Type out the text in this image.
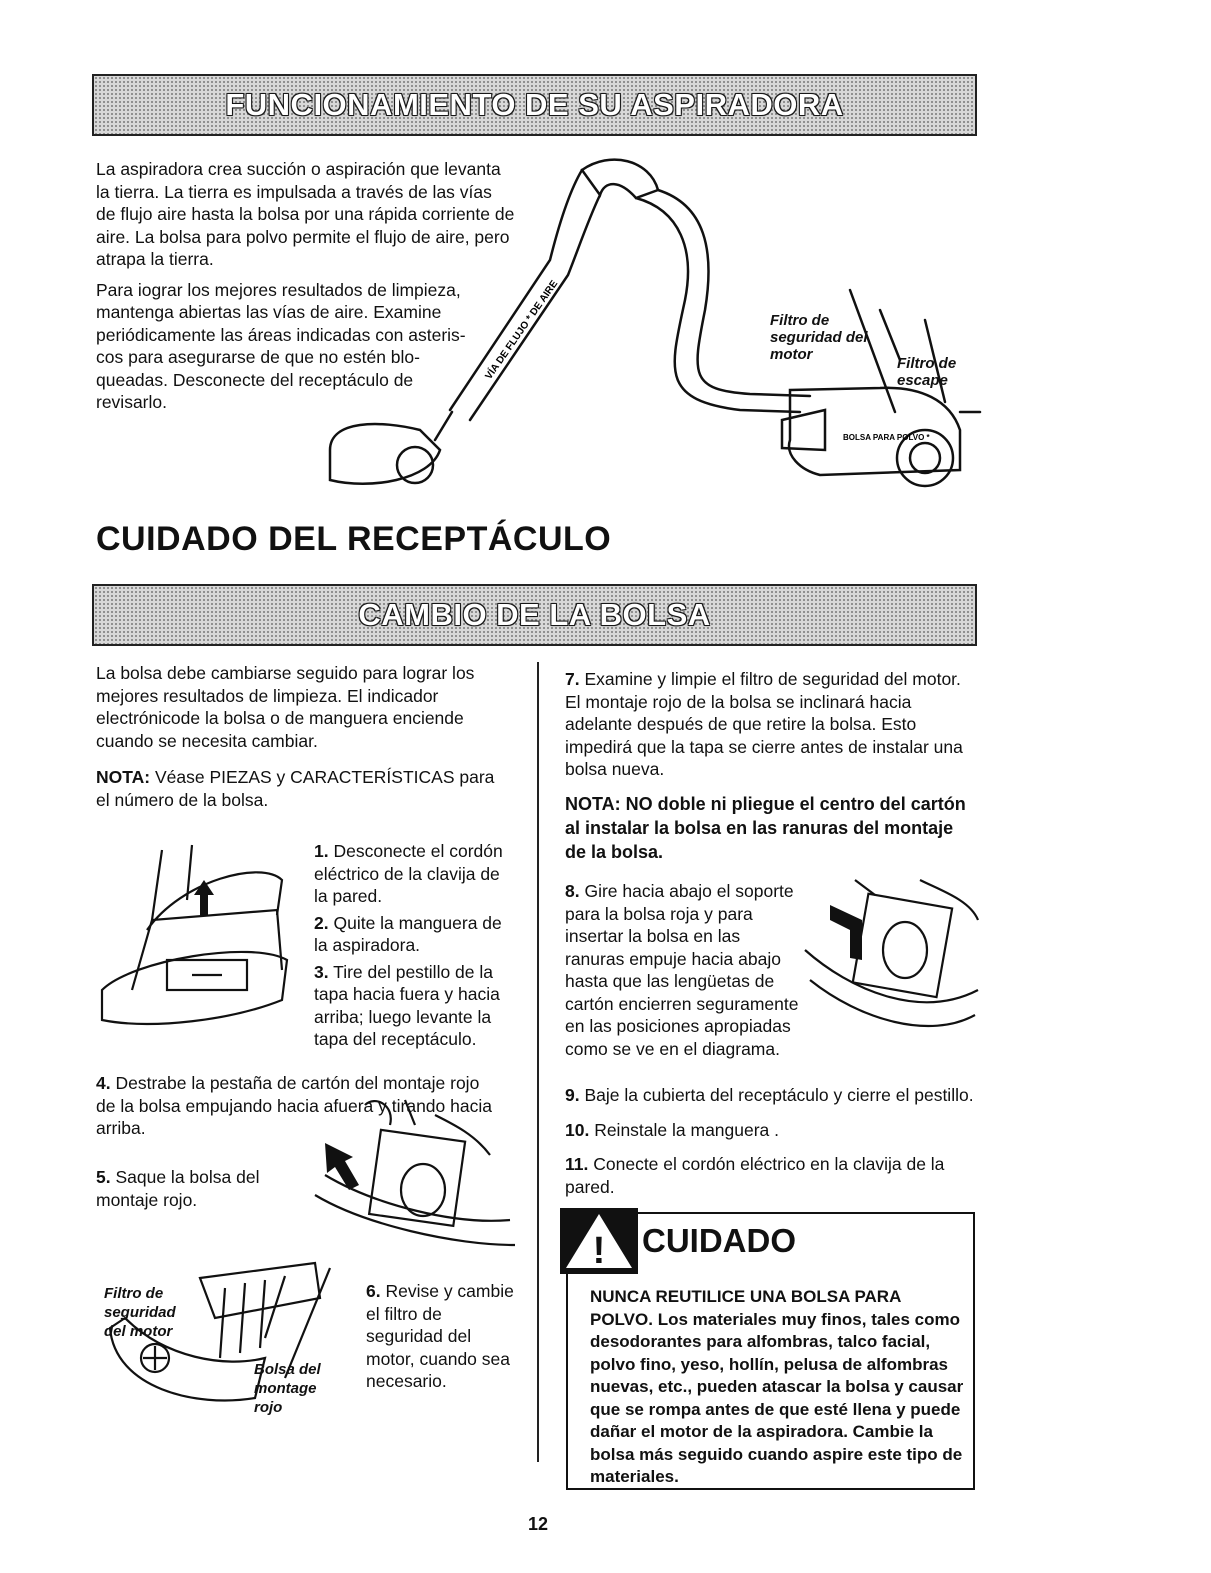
FUNCIONAMIENTO DE SU ASPIRADORA

La aspiradora crea succión o aspiración que levanta la tierra. La tierra es impulsada a través de las vías de flujo aire hasta la bolsa por una rápida corriente de aire. La bolsa para polvo permite el flujo de aire, pero atrapa la tierra.

Para iograr los mejores resultados de limpieza, mantenga abiertas las vías de aire. Examine periódicamente las áreas indicadas con asteris-cos para asegurarse de que no estén blo-queadas. Desconecte del receptáculo de revisarlo.

VÍA DE FLUJO * DE AIRE
BOLSA PARA POLVO *
Filtro de seguridad del motor
Filtro de escape
CUIDADO DEL RECEPTÁCULO
CAMBIO DE LA BOLSA

La bolsa debe cambiarse seguido para lograr los mejores resultados de limpieza. El indicador electrónicode la bolsa o de manguera enciende cuando se necesita cambiar.

NOTA: Véase PIEZAS y CARACTERÍSTICAS para el número de la bolsa.

1. Desconecte el cordón eléctrico de la clavija de la pared.

2. Quite la manguera de la aspiradora.

3. Tire del pestillo de la tapa hacia fuera y hacia arriba; luego levante la tapa del receptáculo.

4. Destrabe la pestaña de cartón del montaje rojo de la bolsa empujando hacia afuera y tirando hacia arriba.

5. Saque la bolsa del montaje rojo.

Filtro de seguridad del motor
Bolsa del montage rojo

6. Revise y cambie el filtro de seguridad del motor, cuando sea necesario.

7. Examine y limpie el filtro de seguridad del motor. El montaje rojo de la bolsa se inclinará hacia adelante después de que retire la bolsa. Esto impedirá que la tapa se cierre antes de instalar una bolsa nueva.

NOTA: NO doble ni pliegue el centro del cartón al instalar la bolsa en las ranuras del montaje de la bolsa.

8. Gire hacia abajo el soporte para la bolsa roja y para insertar la bolsa en las ranuras empuje hacia abajo hasta que las lengüetas de cartón encierren seguramente en las posiciones apropiadas como se ve en el diagrama.

9. Baje la cubierta del receptáculo y cierre el pestillo.

10. Reinstale la manguera .

11. Conecte el cordón eléctrico en la clavija de la pared.

! CUIDADO
NUNCA REUTILICE UNA BOLSA PARA POLVO. Los materiales muy finos, tales como desodorantes para alfombras, talco facial, polvo fino, yeso, hollín, pelusa de alfombras nuevas, etc., pueden atascar la bolsa y causar que se rompa antes de que esté llena y puede dañar el motor de la aspiradora. Cambie la bolsa más seguido cuando aspire este tipo de materiales.
12
